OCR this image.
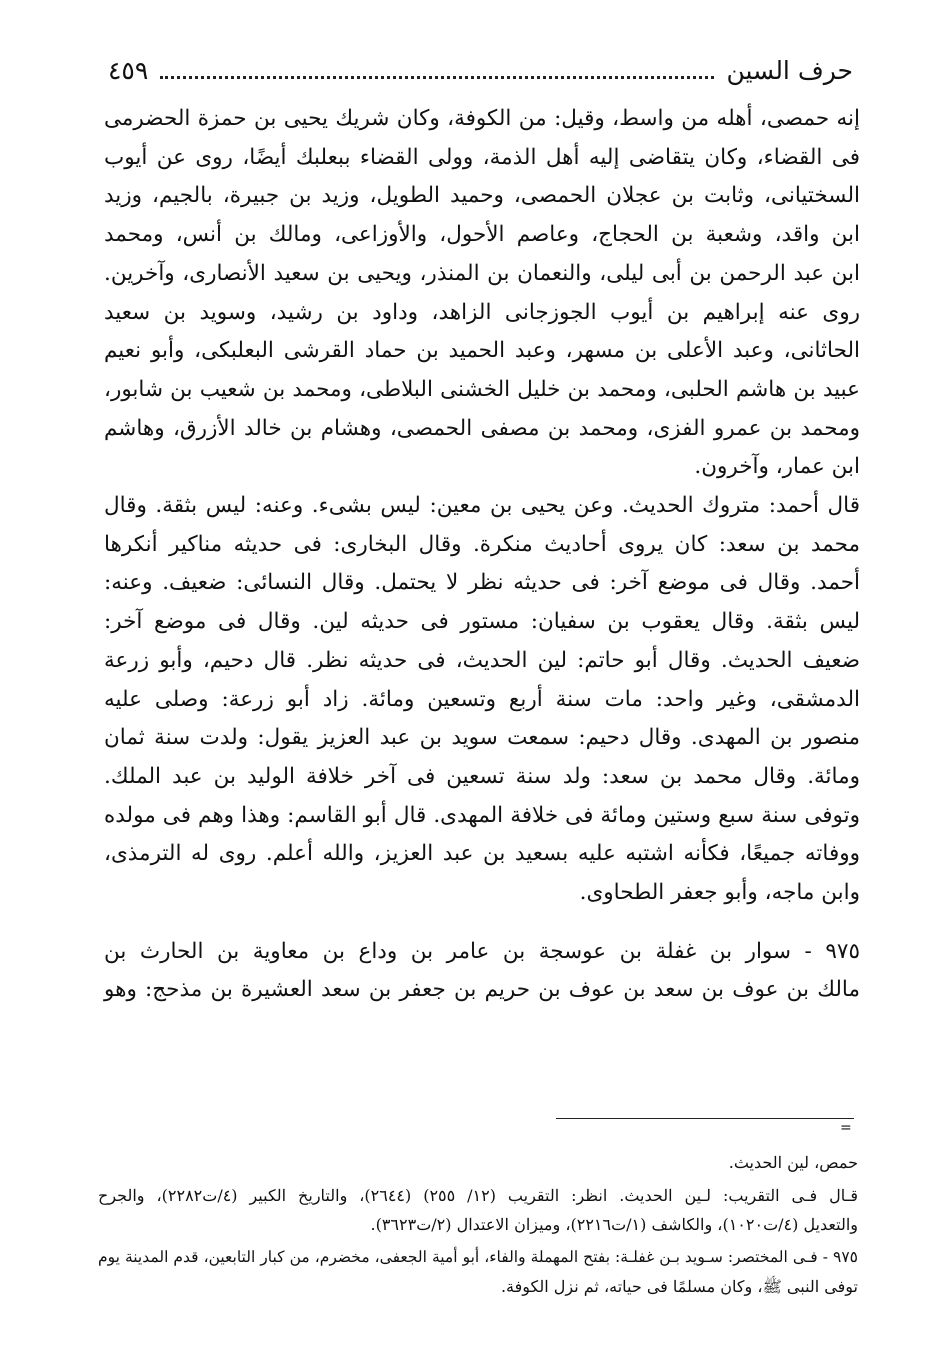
حرف السين
٤٥٩

إنه حمصى، أهله من واسط، وقيل: من الكوفة، وكان شريك يحيى بن حمزة الحضرمى
فى القضاء، وكان يتقاضى إليه أهل الذمة، وولى القضاء ببعلبك أيضًا، روى عن أيوب
السختيانى، وثابت بن عجلان الحمصى، وحميد الطويل، وزيد بن جبيرة، بالجيم، وزيد
ابن واقد، وشعبة بن الحجاج، وعاصم الأحول، والأوزاعى، ومالك بن أنس، ومحمد
ابن عبد الرحمن بن أبى ليلى، والنعمان بن المنذر، ويحيى بن سعيد الأنصارى، وآخرين.
روى عنه إبراهيم بن أيوب الجوزجانى الزاهد، وداود بن رشيد، وسويد بن سعيد
الحاثانى، وعبد الأعلى بن مسهر، وعبد الحميد بن حماد القرشى البعلبكى، وأبو نعيم
عبيد بن هاشم الحلبى، ومحمد بن خليل الخشنى البلاطى، ومحمد بن شعيب بن شابور،
ومحمد بن عمرو الفزى، ومحمد بن مصفى الحمصى، وهشام بن خالد الأزرق، وهاشم
ابن عمار، وآخرون.

قال أحمد: متروك الحديث. وعن يحيى بن معين: ليس بشىء. وعنه: ليس بثقة. وقال
محمد بن سعد: كان يروى أحاديث منكرة. وقال البخارى: فى حديثه مناكير أنكرها
أحمد. وقال فى موضع آخر: فى حديثه نظر لا يحتمل. وقال النسائى: ضعيف. وعنه:
ليس بثقة. وقال يعقوب بن سفيان: مستور فى حديثه لين. وقال فى موضع آخر:
ضعيف الحديث. وقال أبو حاتم: لين الحديث، فى حديثه نظر. قال دحيم، وأبو زرعة
الدمشقى، وغير واحد: مات سنة أربع وتسعين ومائة. زاد أبو زرعة: وصلى عليه
منصور بن المهدى. وقال دحيم: سمعت سويد بن عبد العزيز يقول: ولدت سنة ثمان
ومائة. وقال محمد بن سعد: ولد سنة تسعين فى آخر خلافة الوليد بن عبد الملك.
وتوفى سنة سبع وستين ومائة فى خلافة المهدى. قال أبو القاسم: وهذا وهم فى مولده
ووفاته جميعًا، فكأنه اشتبه عليه بسعيد بن عبد العزيز، والله أعلم. روى له الترمذى،
وابن ماجه، وأبو جعفر الطحاوى.

٩٧٥ - سوار بن غفلة بن عوسجة بن عامر بن وداع بن معاوية بن الحارث بن
مالك بن عوف بن سعد بن عوف بن حريم بن جعفر بن سعد العشيرة بن مذحج: وهو

=

حمص، لين الحديث.

قـال فـى التقريب: لـين الحديث. انظر: التقريب (١٢/ ٢٥٥) (٢٦٤٤)، والتاريخ الكبير (٤/ت٢٢٨٢)، والجرح
والتعديل (٤/ت١٠٢٠)، والكاشف (١/ت٢٢١٦)، وميزان الاعتدال (٢/ت٣٦٢٣).

٩٧٥ - فـى المختصر: سـويد بـن غفلـة: بفتح المهملة والفاء، أبو أمية الجعفى، مخضرم، من كبار التابعين، قدم المدينة يوم
توفى النبى ﷺ، وكان مسلمًا فى حياته، ثم نزل الكوفة.
